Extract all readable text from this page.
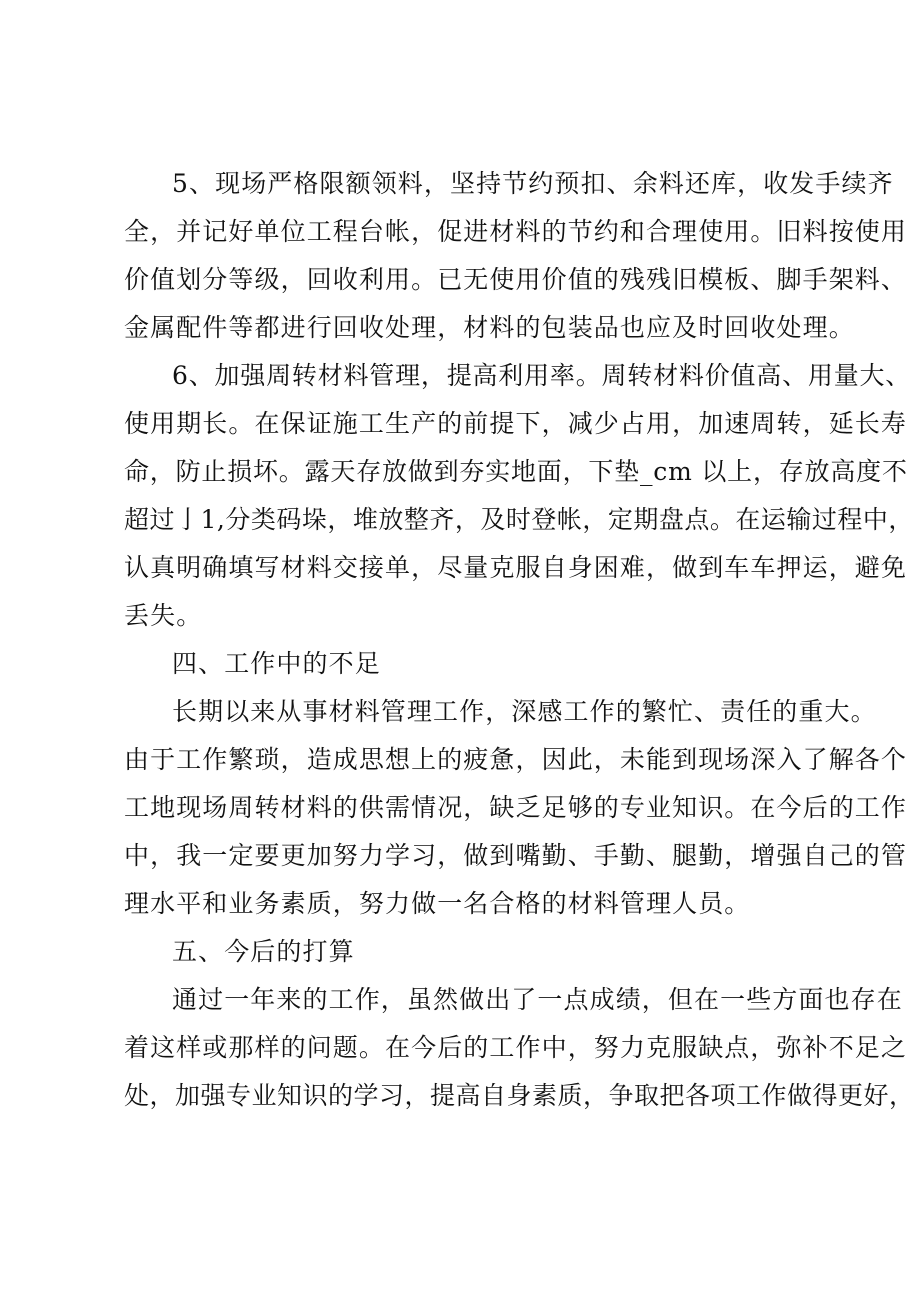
5、现场严格限额领料，坚持节约预扣、余料还库，收发手续齐

全，并记好单位工程台帐，促进材料的节约和合理使用。旧料按使用

价值划分等级，回收利用。已无使用价值的残残旧模板、脚手架料、

金属配件等都进行回收处理，材料的包装品也应及时回收处理。

6、加强周转材料管理，提高利用率。周转材料价值高、用量大、

使用期长。在保证施工生产的前提下，减少占用，加速周转，延长寿

命，防止损坏。露天存放做到夯实地面，下垫_cm 以上，存放高度不

超过亅1,分类码垛，堆放整齐，及时登帐，定期盘点。在运输过程中，

认真明确填写材料交接单，尽量克服自身困难，做到车车押运，避免

丢失。

四、工作中的不足

长期以来从事材料管理工作，深感工作的繁忙、责任的重大。

由于工作繁琐，造成思想上的疲惫，因此，未能到现场深入了解各个

工地现场周转材料的供需情况，缺乏足够的专业知识。在今后的工作

中，我一定要更加努力学习，做到嘴勤、手勤、腿勤，增强自己的管

理水平和业务素质，努力做一名合格的材料管理人员。

五、今后的打算

通过一年来的工作，虽然做出了一点成绩，但在一些方面也存在

着这样或那样的问题。在今后的工作中，努力克服缺点，弥补不足之

处，加强专业知识的学习，提高自身素质，争取把各项工作做得更好，
